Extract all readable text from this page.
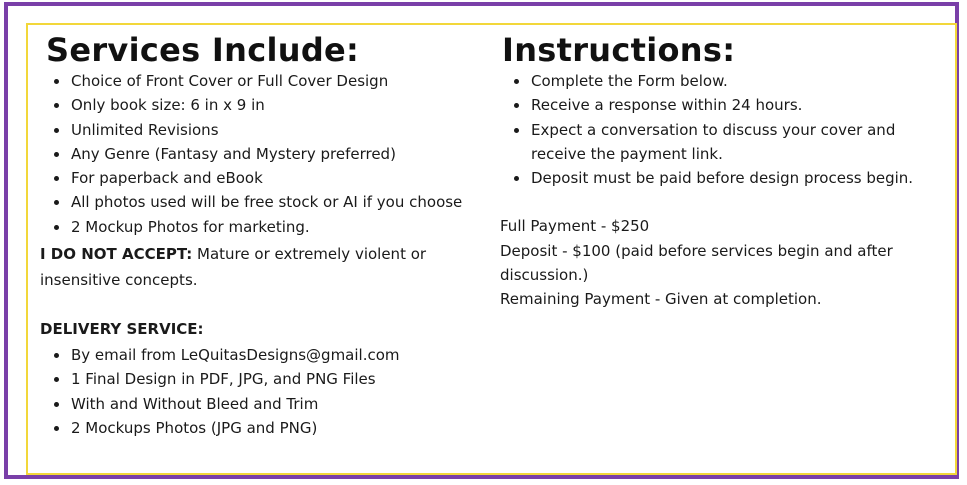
Services Include:
Choice of Front Cover or Full Cover Design
Only book size: 6 in x 9 in
Unlimited Revisions
Any Genre (Fantasy and Mystery preferred)
For paperback and eBook
All photos used will be free stock or AI if you choose
2 Mockup Photos for marketing.

I DO NOT ACCEPT: Mature or extremely violent or insensitive concepts.

DELIVERY SERVICE:
By email from LeQuitasDesigns@gmail.com
1 Final Design in PDF, JPG, and PNG Files
With and Without Bleed and Trim
2 Mockups Photos (JPG and PNG)
Instructions:
Complete the Form below.
Receive a response within 24 hours.
Expect a conversation to discuss your cover and receive the payment link.
Deposit must be paid before design process begin.

Full Payment - $250

Deposit - $100 (paid before services begin and after discussion.)

Remaining Payment - Given at completion.
